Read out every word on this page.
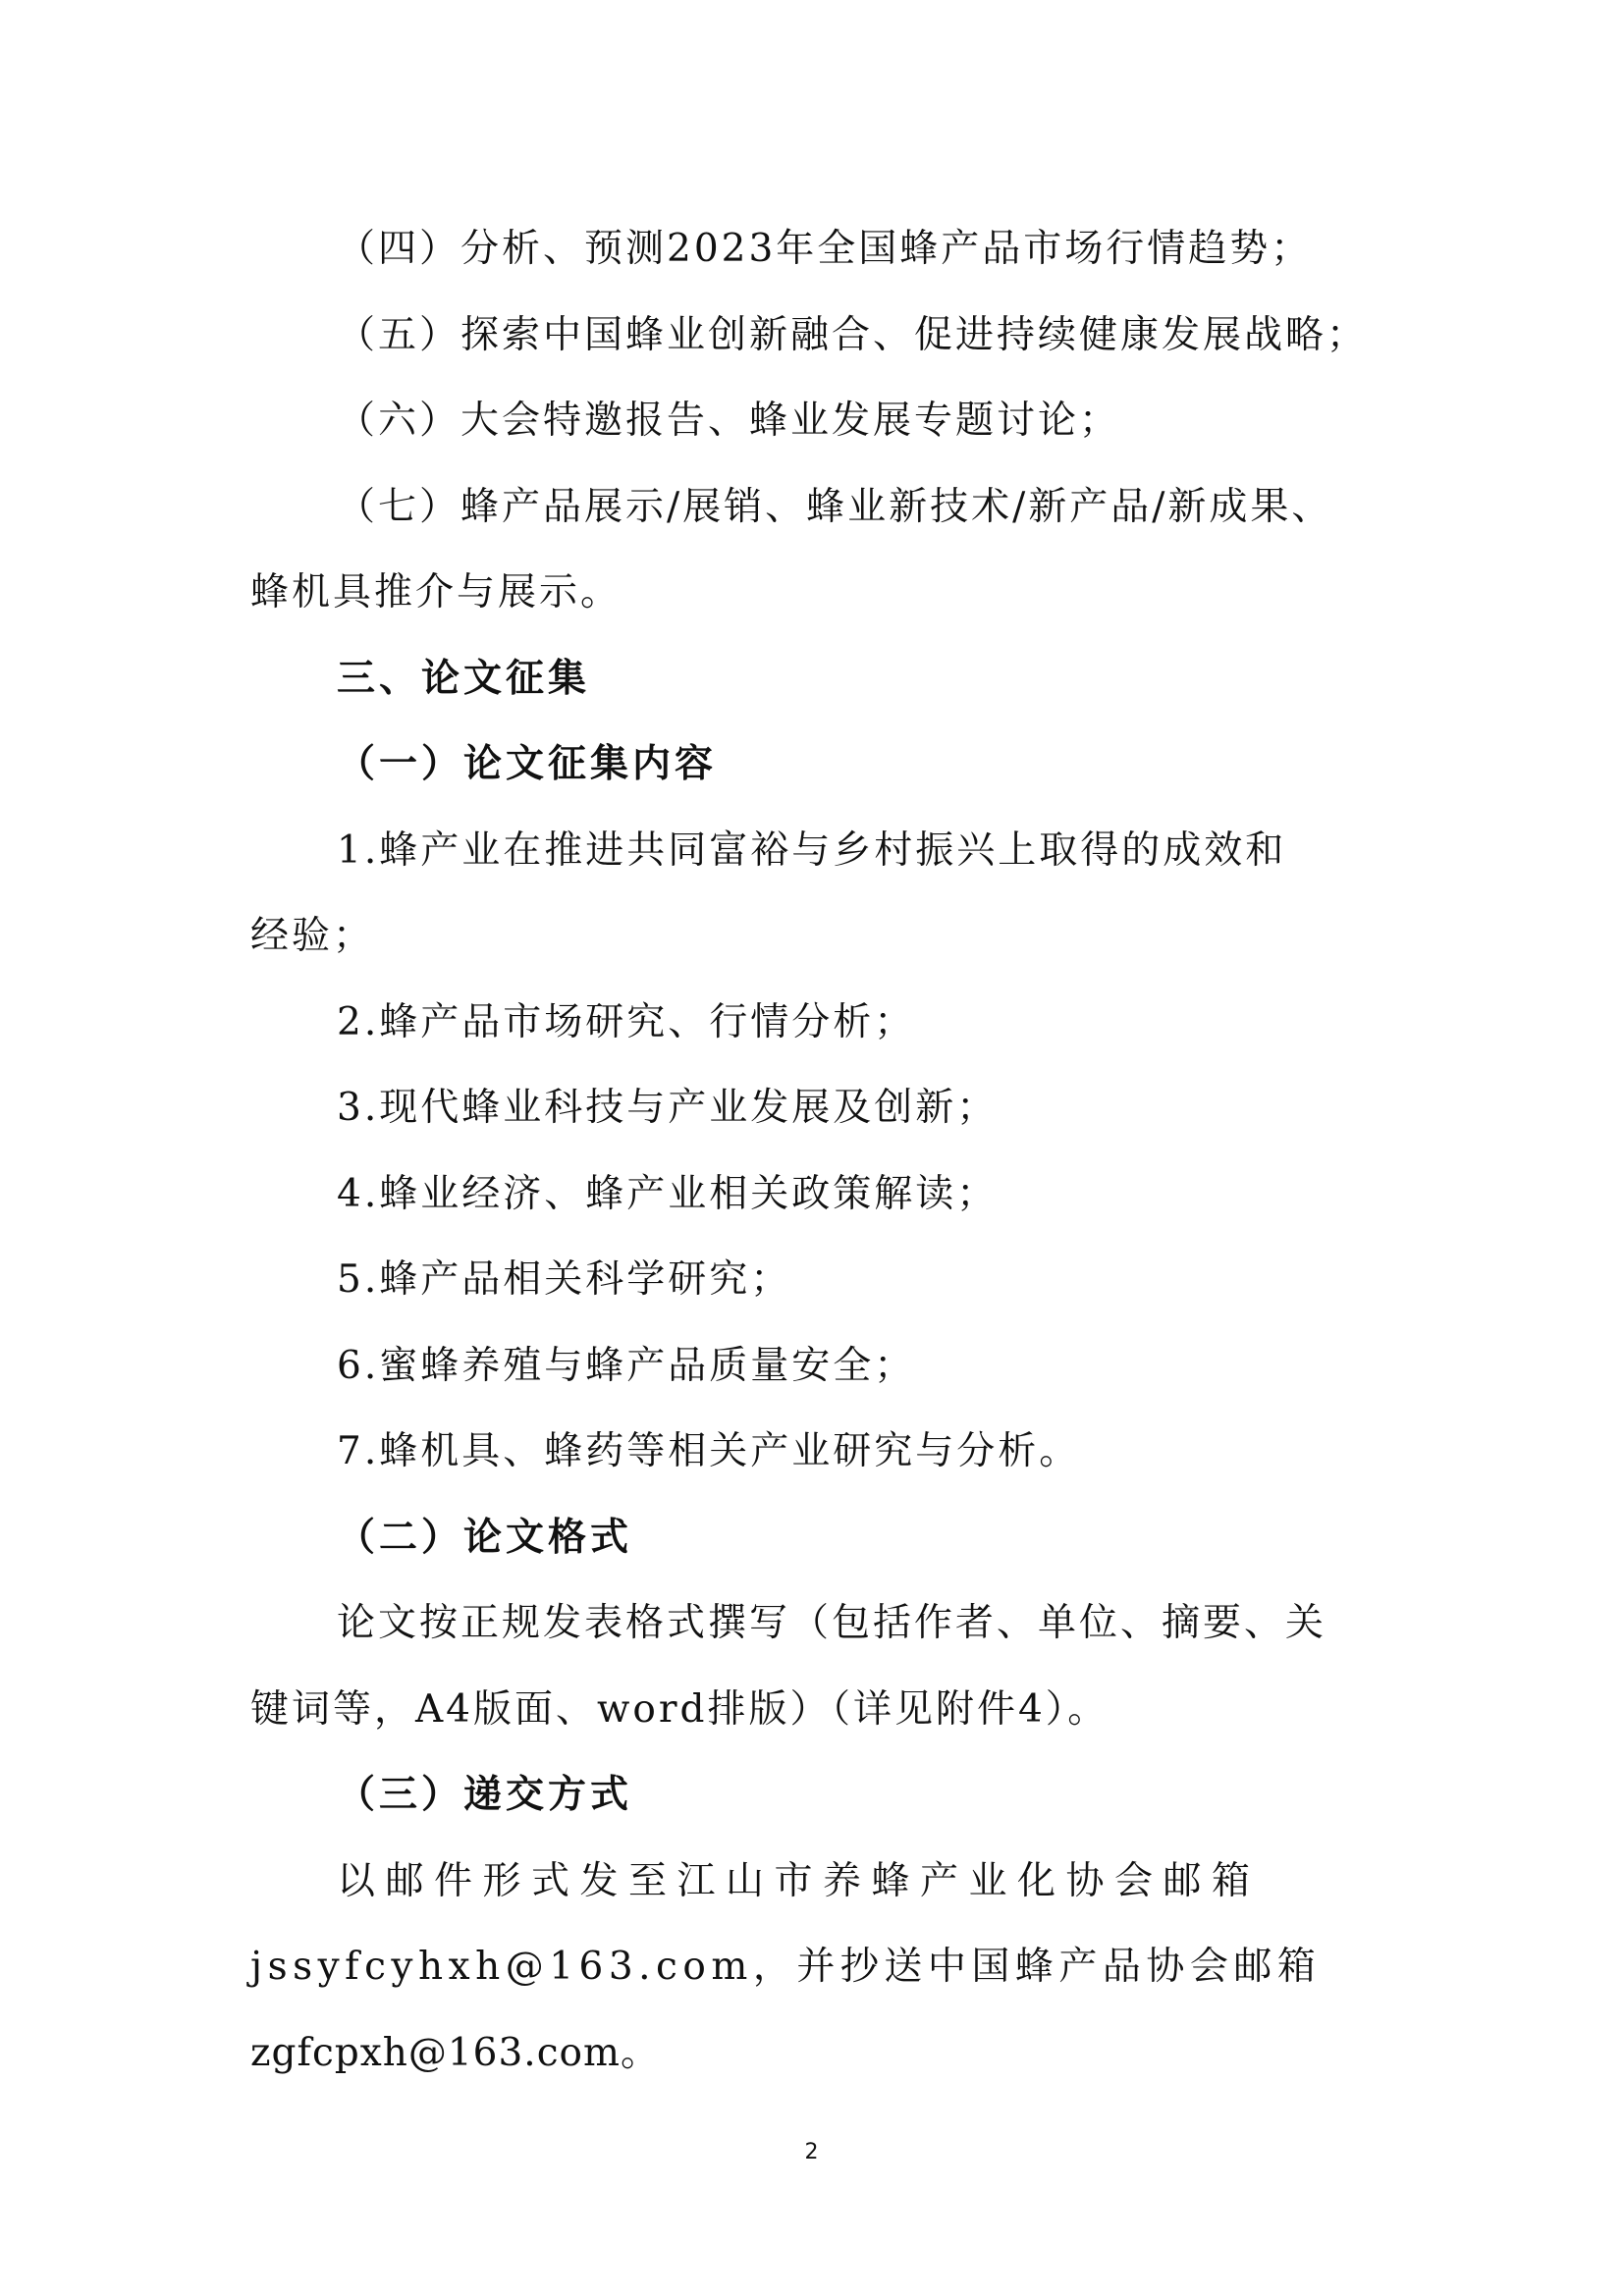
（四）分析、预测2023年全国蜂产品市场行情趋势；
（五）探索中国蜂业创新融合、促进持续健康发展战略；
（六）大会特邀报告、蜂业发展专题讨论；
（七）蜂产品展示/展销、蜂业新技术/新产品/新成果、
蜂机具推介与展示。
三、论文征集
（一）论文征集内容
1.蜂产业在推进共同富裕与乡村振兴上取得的成效和
经验；
2.蜂产品市场研究、行情分析；
3.现代蜂业科技与产业发展及创新；
4.蜂业经济、蜂产业相关政策解读；
5.蜂产品相关科学研究；
6.蜜蜂养殖与蜂产品质量安全；
7.蜂机具、蜂药等相关产业研究与分析。
（二）论文格式
论文按正规发表格式撰写（包括作者、单位、摘要、关
键词等，A4版面、word排版）（详见附件4）。
（三）递交方式
以邮件形式发至江山市养蜂产业化协会邮箱
jssyfcyhxh@163.com，并抄送中国蜂产品协会邮箱
zgfcpxh@163.com。
2
